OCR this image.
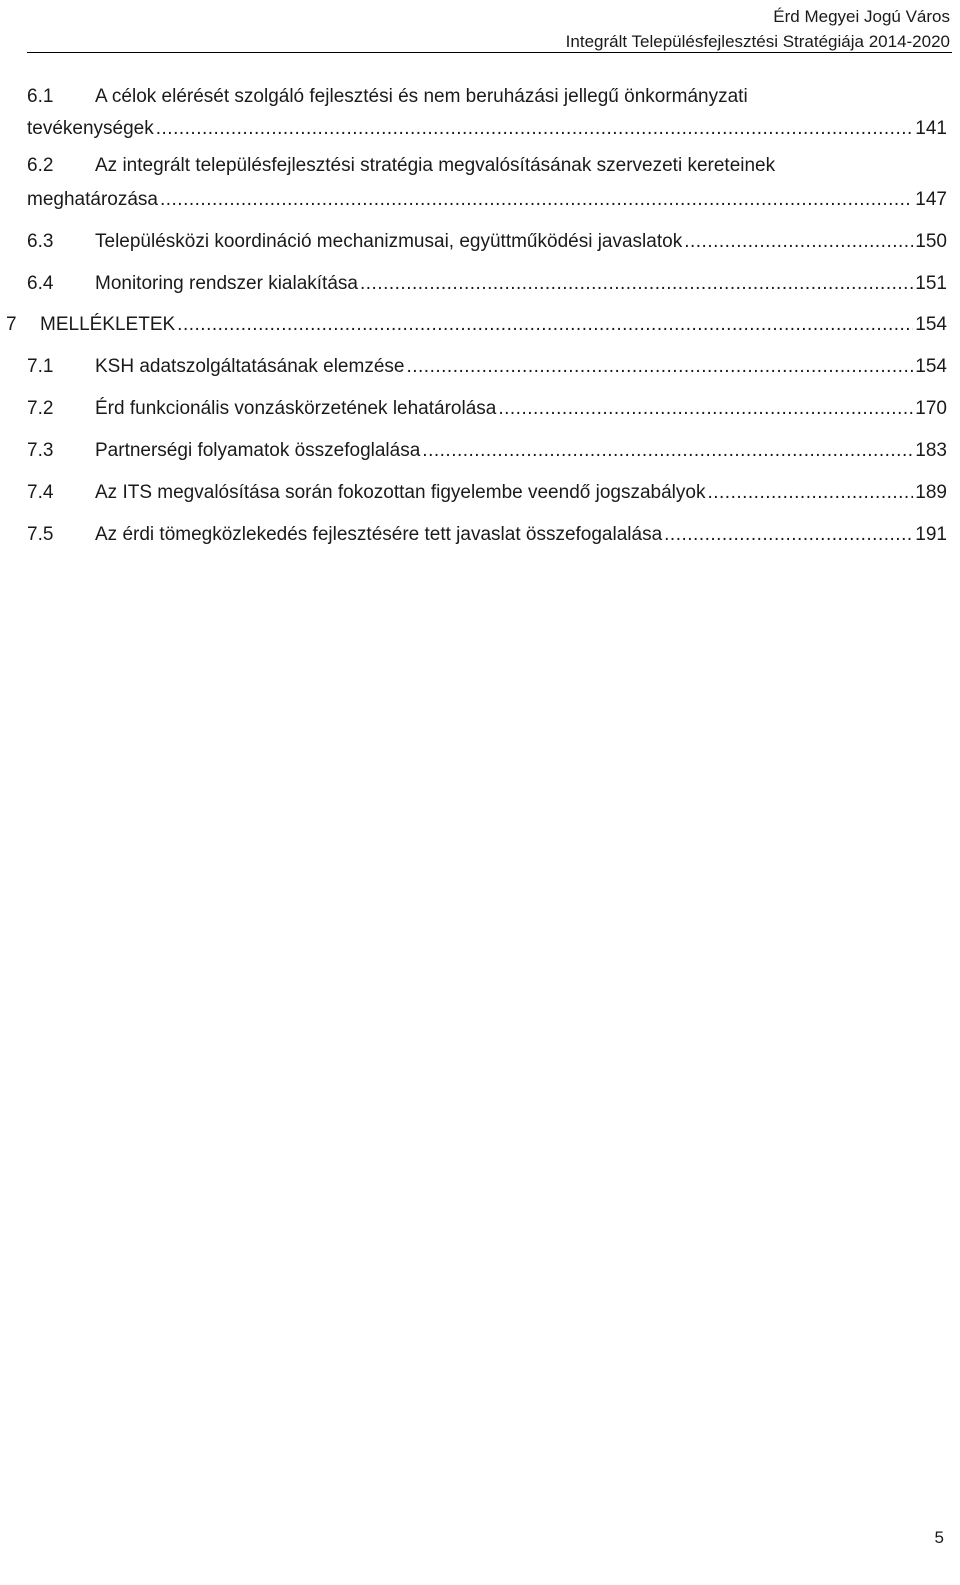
Érd Megyei Jogú Város
Integrált Településfejlesztési Stratégiája 2014-2020
6.1 A célok elérését szolgáló fejlesztési és nem beruházási jellegű önkormányzati
tevékenységek .....	141
6.2 Az integrált településfejlesztési stratégia megvalósításának szervezeti kereteinek
meghatározása .....	147
6.3 Településközi koordináció mechanizmusai, együttműködési javaslatok .....	150
6.4 Monitoring rendszer kialakítása .....	151
7 MELLÉKLETEK .....	154
7.1 KSH adatszolgáltatásának elemzése .....	154
7.2 Érd funkcionális vonzáskörzetének lehatárolása .....	170
7.3 Partnerségi folyamatok összefoglalása .....	183
7.4 Az ITS megvalósítása során fokozottan figyelembe veendő jogszabályok .....	189
7.5 Az érdi tömegközlekedés fejlesztésére tett javaslat összefogalalása .....	191
5
